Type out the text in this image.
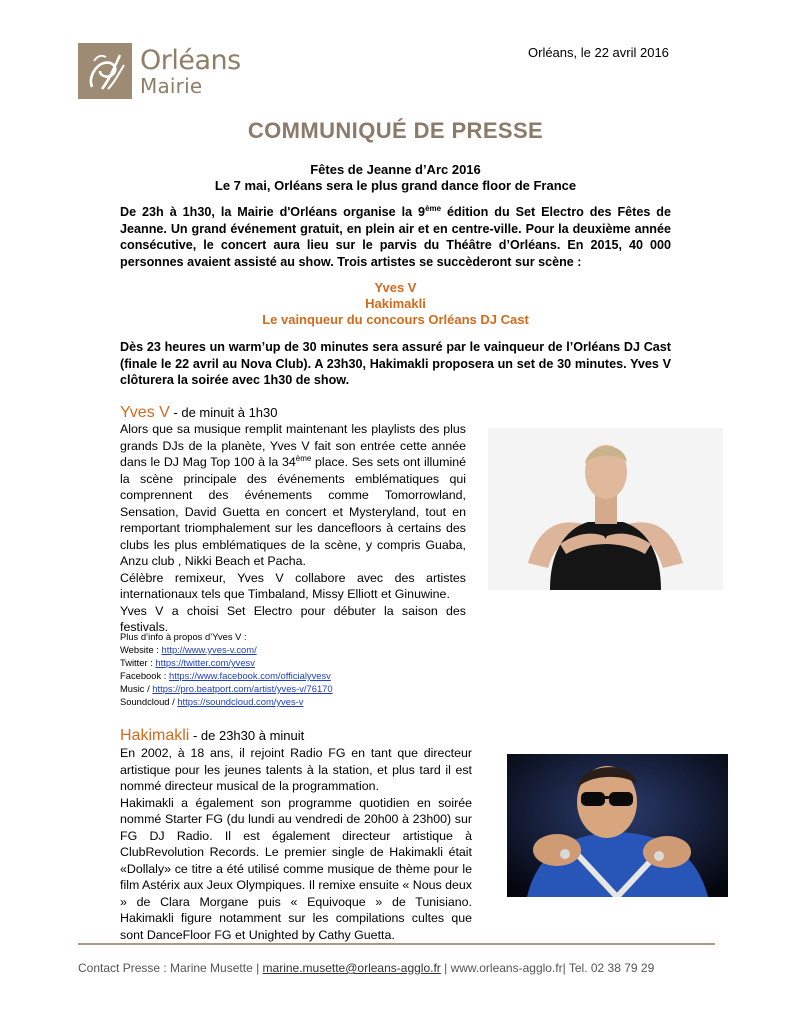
Orléans
Mairie
Orléans, le 22 avril 2016
COMMUNIQUÉ DE PRESSE
Fêtes de Jeanne d’Arc 2016
Le 7 mai, Orléans sera le plus grand dance floor de France
De 23h à 1h30, la Mairie d'Orléans organise la 9ème édition du Set Electro des Fêtes de Jeanne. Un grand événement gratuit, en plein air et en centre-ville. Pour la deuxième année consécutive, le concert aura lieu sur le parvis du Théâtre d’Orléans. En 2015, 40 000 personnes avaient assisté au show. Trois artistes se succèderont sur scène :
Yves V
Hakimakli
Le vainqueur du concours Orléans DJ Cast
Dès 23 heures un warm’up de 30 minutes sera assuré par le vainqueur de l’Orléans DJ Cast (finale le 22 avril au Nova Club). A 23h30, Hakimakli proposera un set de 30 minutes. Yves V clôturera la soirée avec 1h30 de show.
Yves V - de minuit à 1h30

Alors que sa musique remplit maintenant les playlists des plus grands DJs de la planète, Yves V fait son entrée cette année dans le DJ Mag Top 100 à la 34ème place. Ses sets ont illuminé la scène principale des événements emblématiques qui comprennent des événements comme Tomorrowland, Sensation, David Guetta en concert et Mysteryland, tout en remportant triomphalement sur les dancefloors à certains des clubs les plus emblématiques de la scène, y compris Guaba, Anzu club , Nikki Beach et Pacha.

Célèbre remixeur, Yves V collabore avec des artistes internationaux tels que Timbaland, Missy Elliott et Ginuwine.

Yves V a choisi Set Electro pour débuter la saison des festivals.

Plus d’info à propos d’Yves V :
Website : http://www.yves-v.com/
Twitter : https://twitter.com/yvesv
Facebook : https://www.facebook.com/officialyvesv
Music / https://pro.beatport.com/artist/yves-v/76170
Soundcloud / https://soundcloud.com/yves-v
Hakimakli - de 23h30 à minuit

En 2002, à 18 ans, il rejoint Radio FG en tant que directeur artistique pour les jeunes talents à la station, et plus tard il est nommé directeur musical de la programmation.

Hakimakli a également son programme quotidien en soirée nommé Starter FG (du lundi au vendredi de 20h00 à 23h00) sur FG DJ Radio. Il est également directeur artistique à ClubRevolution Records. Le premier single de Hakimakli était «Dollaly» ce titre a été utilisé comme musique de thème pour le film Astérix aux Jeux Olympiques. Il remixe ensuite « Nous deux » de Clara Morgane puis « Equivoque » de Tunisiano. Hakimakli figure notamment sur les compilations cultes que sont DanceFloor FG et Unighted by Cathy Guetta.

Contact Presse : Marine Musette | marine.musette@orleans-agglo.fr | www.orleans-agglo.fr| Tel. 02 38 79 29
